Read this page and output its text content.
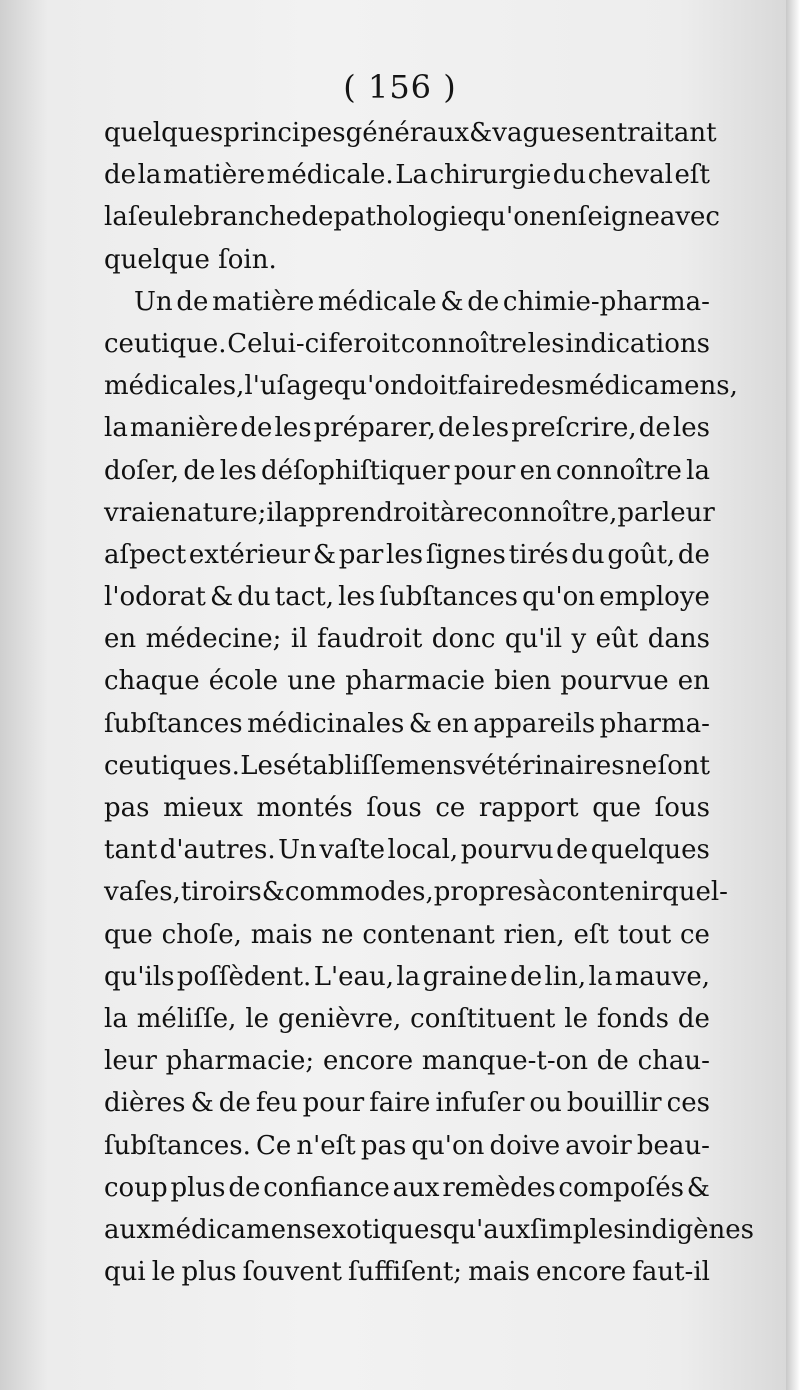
( 156 )
quelques principes généraux & vagues en traitant
de la matière médicale. La chirurgie du cheval eſt
la ſeule branche de pathologie qu'on enſeigne avec
quelque ſoin.
Un de matière médicale & de chimie-pharma-
ceutique. Celui-ci feroit connoître les indications
médicales, l'uſage qu'on doit faire des médicamens,
la manière de les préparer, de les preſcrire, de les
doſer, de les déſophiſtiquer pour en connoître la
vraie nature; il apprendroit à reconnoître, par leur
aſpect extérieur & par les ſignes tirés du goût, de
l'odorat & du tact, les ſubſtances qu'on employe
en médecine; il faudroit donc qu'il y eût dans
chaque école une pharmacie bien pourvue en
ſubſtances médicinales & en appareils pharma-
ceutiques. Les établiſſemens vétérinaires ne ſont
pas mieux montés ſous ce rapport que ſous
tant d'autres. Un vaſte local, pourvu de quelques
vaſes, tiroirs & commodes, propres à contenir quel-
que choſe, mais ne contenant rien, eſt tout ce
qu'ils poſſèdent. L'eau, la graine de lin, la mauve,
la méliſſe, le genièvre, conſtituent le fonds de
leur pharmacie; encore manque-t-on de chau-
dières & de feu pour faire infuſer ou bouillir ces
ſubſtances. Ce n'eſt pas qu'on doive avoir beau-
coup plus de confiance aux remèdes compoſés &
aux médicamens exotiques qu'aux ſimples indigènes
qui le plus ſouvent ſuffiſent; mais encore faut-il
